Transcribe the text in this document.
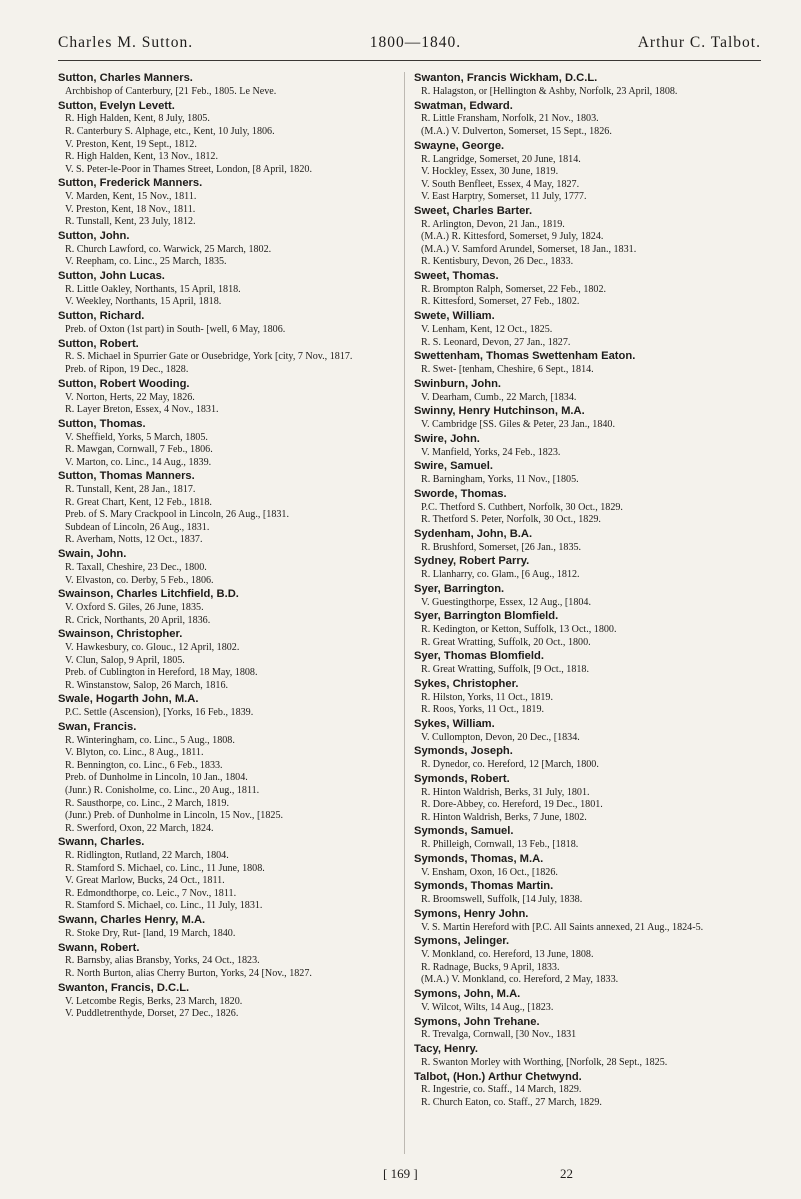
Charles M. Sutton.	1800—1840.	Arthur C. Talbot.
Sutton, Charles Manners.
Archbishop of Canterbury, [21 Feb., 1805. Le Neve.
Sutton, Evelyn Levett.
R. High Halden, Kent, 8 July, 1805.
R. Canterbury S. Alphage, etc., Kent, 10 July, 1806.
V. Preston, Kent, 19 Sept., 1812.
R. High Halden, Kent, 13 Nov., 1812.
V. S. Peter-le-Poor in Thames Street, London, [8 April, 1820.
Sutton, Frederick Manners.
V. Marden, Kent, 15 Nov., 1811.
V. Preston, Kent, 18 Nov., 1811.
R. Tunstall, Kent, 23 July, 1812.
Sutton, John.
R. Church Lawford, co. Warwick, 25 March, 1802.
V. Reepham, co. Linc., 25 March, 1835.
Sutton, John Lucas.
R. Little Oakley, Northants, 15 April, 1818.
V. Weekley, Northants, 15 April, 1818.
Sutton, Richard.
Preb. of Oxton (1st part) in South- [well, 6 May, 1806.
Sutton, Robert.
R. S. Michael in Spurrier Gate or Ousebridge, York [city, 7 Nov., 1817.
Preb. of Ripon, 19 Dec., 1828.
Sutton, Robert Wooding.
V. Norton, Herts, 22 May, 1826.
R. Layer Breton, Essex, 4 Nov., 1831.
Sutton, Thomas.
V. Sheffield, Yorks, 5 March, 1805.
R. Mawgan, Cornwall, 7 Feb., 1806.
V. Marton, co. Linc., 14 Aug., 1839.
Sutton, Thomas Manners.
R. Tunstall, Kent, 28 Jan., 1817.
R. Great Chart, Kent, 12 Feb., 1818.
Preb. of S. Mary Crackpool in Lincoln, 26 Aug., [1831.
Subdean of Lincoln, 26 Aug., 1831.
R. Averham, Notts, 12 Oct., 1837.
Swain, John.
R. Taxall, Cheshire, 23 Dec., 1800.
V. Elvaston, co. Derby, 5 Feb., 1806.
Swainson, Charles Litchfield, B.D.
V. Oxford S. Giles, 26 June, 1835.
R. Crick, Northants, 20 April, 1836.
Swainson, Christopher.
V. Hawkesbury, co. Glouc., 12 April, 1802.
V. Clun, Salop, 9 April, 1805.
Preb. of Cublington in Hereford, 18 May, 1808.
R. Winstanstow, Salop, 26 March, 1816.
Swale, Hogarth John, M.A.
P.C. Settle (Ascension), [Yorks, 16 Feb., 1839.
Swan, Francis.
R. Winteringham, co. Linc., 5 Aug., 1808.
V. Blyton, co. Linc., 8 Aug., 1811.
R. Bennington, co. Linc., 6 Feb., 1833.
Preb. of Dunholme in Lincoln, 10 Jan., 1804.
(Junr.) R. Conisholme, co. Linc., 20 Aug., 1811.
R. Sausthorpe, co. Linc., 2 March, 1819.
(Junr.) Preb. of Dunholme in Lincoln, 15 Nov., [1825.
R. Swerford, Oxon, 22 March, 1824.
Swann, Charles.
R. Ridlington, Rutland, 22 March, 1804.
R. Stamford S. Michael, co. Linc., 11 June, 1808.
V. Great Marlow, Bucks, 24 Oct., 1811.
R. Edmondthorpe, co. Leic., 7 Nov., 1811.
R. Stamford S. Michael, co. Linc., 11 July, 1831.
Swann, Charles Henry, M.A.
R. Stoke Dry, Rut- [land, 19 March, 1840.
Swann, Robert.
R. Barnsby, alias Bransby, Yorks, 24 Oct., 1823.
R. North Burton, alias Cherry Burton, Yorks, 24 [Nov., 1827.
Swanton, Francis, D.C.L.
V. Letcombe Regis, Berks, 23 March, 1820.
V. Puddletrenthyde, Dorset, 27 Dec., 1826.
Swanton, Francis Wickham, D.C.L.
R. Halagston, or [Hellington & Ashby, Norfolk, 23 April, 1808.
Swatman, Edward.
R. Little Fransham, Norfolk, 21 Nov., 1803.
(M.A.) V. Dulverton, Somerset, 15 Sept., 1826.
Swayne, George.
R. Langridge, Somerset, 20 June, 1814.
V. Hockley, Essex, 30 June, 1819.
V. South Benfleet, Essex, 4 May, 1827.
V. East Harptry, Somerset, 11 July, 1777.
Sweet, Charles Barter.
R. Arlington, Devon, 21 Jan., 1819.
(M.A.) R. Kittesford, Somerset, 9 July, 1824.
(M.A.) V. Samford Arundel, Somerset, 18 Jan., 1831.
R. Kentisbury, Devon, 26 Dec., 1833.
Sweet, Thomas.
R. Brompton Ralph, Somerset, 22 Feb., 1802.
R. Kittesford, Somerset, 27 Feb., 1802.
Swete, William.
V. Lenham, Kent, 12 Oct., 1825.
R. S. Leonard, Devon, 27 Jan., 1827.
Swettenham, Thomas Swettenham Eaton.
R. Swet- [tenham, Cheshire, 6 Sept., 1814.
Swinburn, John.
V. Dearham, Cumb., 22 March, [1834.
Swinny, Henry Hutchinson, M.A.
V. Cambridge [SS. Giles & Peter, 23 Jan., 1840.
Swire, John.
V. Manfield, Yorks, 24 Feb., 1823.
Swire, Samuel.
R. Barningham, Yorks, 11 Nov., [1805.
Sworde, Thomas.
P.C. Thetford S. Cuthbert, Norfolk, 30 Oct., 1829.
R. Thetford S. Peter, Norfolk, 30 Oct., 1829.
Sydenham, John, B.A.
R. Brushford, Somerset, [26 Jan., 1835.
Sydney, Robert Parry.
R. Llanharry, co. Glam., [6 Aug., 1812.
Syer, Barrington.
V. Guestingthorpe, Essex, 12 Aug., [1804.
Syer, Barrington Blomfield.
R. Kedington, or Ketton, Suffolk, 13 Oct., 1800.
R. Great Wratting, Suffolk, 20 Oct., 1800.
Syer, Thomas Blomfield.
R. Great Wratting, Suffolk, [9 Oct., 1818.
Sykes, Christopher.
R. Hilston, Yorks, 11 Oct., 1819.
R. Roos, Yorks, 11 Oct., 1819.
Sykes, William.
V. Cullompton, Devon, 20 Dec., [1834.
Symonds, Joseph.
R. Dynedor, co. Hereford, 12 [March, 1800.
Symonds, Robert.
R. Hinton Waldrish, Berks, 31 July, 1801.
R. Dore-Abbey, co. Hereford, 19 Dec., 1801.
R. Hinton Waldrish, Berks, 7 June, 1802.
Symonds, Samuel.
R. Philleigh, Cornwall, 13 Feb., [1818.
Symonds, Thomas, M.A.
V. Ensham, Oxon, 16 Oct., [1826.
Symonds, Thomas Martin.
R. Broomswell, Suffolk, [14 July, 1838.
Symons, Henry John.
V. S. Martin Hereford with [P.C. All Saints annexed, 21 Aug., 1824-5.
Symons, Jelinger.
V. Monkland, co. Hereford, 13 June, 1808.
R. Radnage, Bucks, 9 April, 1833.
(M.A.) V. Monkland, co. Hereford, 2 May, 1833.
Symons, John, M.A.
V. Wilcot, Wilts, 14 Aug., [1823.
Symons, John Trehane.
R. Trevalga, Cornwall, [30 Nov., 1831
Tacy, Henry.
R. Swanton Morley with Worthing, [Norfolk, 28 Sept., 1825.
Talbot, (Hon.) Arthur Chetwynd.
R. Ingestrie, co. Staff., 14 March, 1829.
R. Church Eaton, co. Staff., 27 March, 1829.
[ 169 ]	22
